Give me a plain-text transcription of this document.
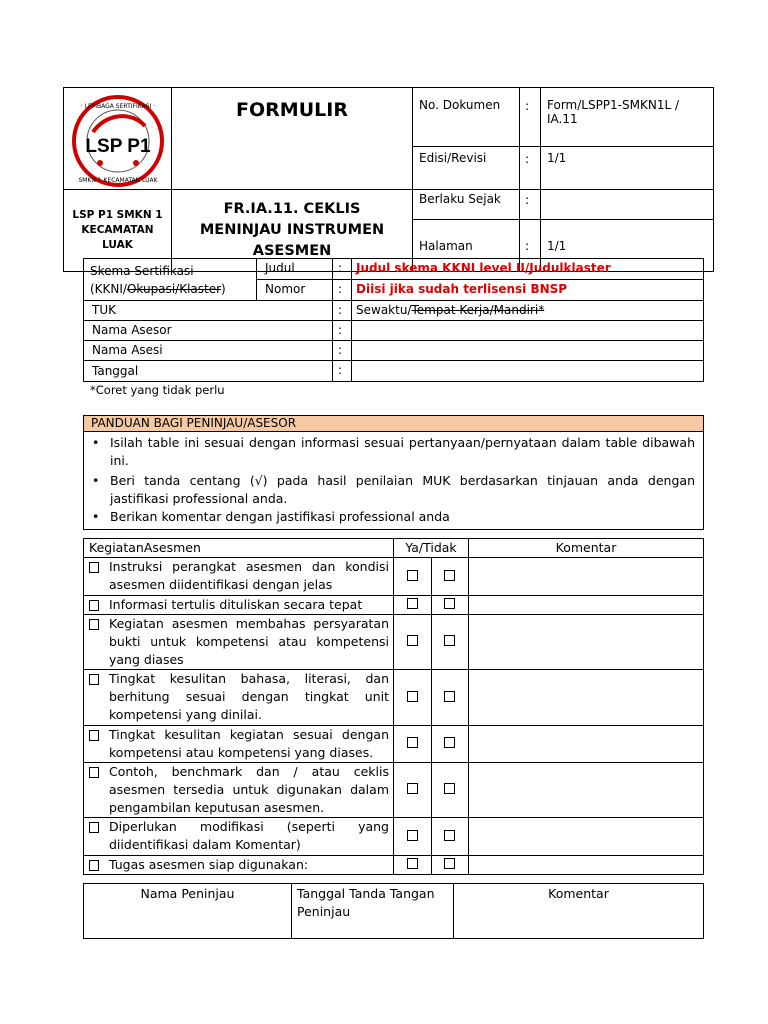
LSP P1
· LEMBAGA SERTIFIKASI ·
SMKN 1 KECAMATAN LUAK	FORMULIR	No. Dokumen	:	Form/LSPP1-SMKN1L / IA.11
		Edisi/Revisi	:	1/1
LSP P1 SMKN 1 KECAMATAN LUAK	FR.IA.11. CEKLIS MENINJAU INSTRUMEN ASESMEN	Berlaku Sejak	:	
		Halaman	:	1/1
Skema Sertifikasi
(KKNI/Okupasi/Klaster)	Judul	:	Judul skema KKNI level II/Judulklaster
	Nomor	:	Diisi jika sudah terlisensi BNSP
TUK		:	Sewaktu/Tempat Kerja/Mandiri*
Nama Asesor		:	
Nama Asesi		:	
Tanggal		:	
*Coret yang tidak perlu
PANDUAN BAGI PENINJAU/ASESOR

• Isilah table ini sesuai dengan informasi sesuai pertanyaan/pernyataan dalam table dibawah ini.
• Beri tanda centang (√) pada hasil penilaian MUK berdasarkan tinjauan anda dengan jastifikasi professional anda.
• Berikan komentar dengan jastifikasi professional anda
KegiatanAsesmen	Ya/Tidak		Komentar

Instruksi perangkat asesmen dan kondisi asesmen diidentifikasi dengan jelas			

Informasi tertulis dituliskan secara tepat			

Kegiatan asesmen membahas persyaratan bukti untuk kompetensi atau kompetensi yang diases			

Tingkat kesulitan bahasa, literasi, dan berhitung sesuai dengan tingkat unit kompetensi yang dinilai.			

Tingkat kesulitan kegiatan sesuai dengan kompetensi atau kompetensi yang diases.			

Contoh, benchmark dan / atau ceklis asesmen tersedia untuk digunakan dalam pengambilan keputusan asesmen.			

Diperlukan modifikasi (seperti yang diidentifikasi dalam Komentar)			

Tugas asesmen siap digunakan:			

Nama Peninjau	Tanggal Tanda Tangan Peninjau	Komentar
